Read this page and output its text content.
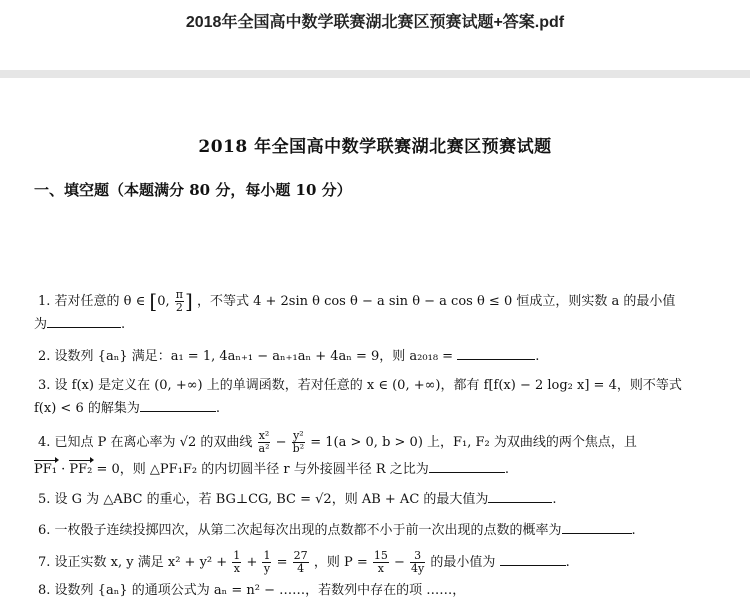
2018年全国高中数学联赛湖北赛区预赛试题+答案.pdf
2018 年全国高中数学联赛湖北赛区预赛试题
一、填空题（本题满分 80 分，每小题 10 分）
1. 若对任意的 θ ∈ [0, $\frac{\pi}{2}$ ] ，不等式 4 + 2sin θ cos θ − a sin θ − a cos θ ≤ 0 恒成立，则实数 a 的最小值
为	.
2. 设数列 {aₙ} 满足：a₁ = 1, 4aₙ₊₁ − aₙ₊₁aₙ + 4aₙ = 9，则 a₂₀₁₈ =	.
3. 设 f(x) 是定义在 (0, +∞) 上的单调函数，若对任意的 x ∈ (0, +∞)，都有 f[f(x) − 2 log₂ x] = 4，则不等式
f(x) < 6 的解集为	.
4. 已知点 P 在离心率为 √2 的双曲线 $\frac{\text{x²}}{\text{a²}} - \frac{\text{y²}}{\text{b²}} = 1(a > 0$, b > 0) 上，F₁, F₂ 为双曲线的两个焦点，且
PF₁ · PF₂ = 0，则 △PF₁F₂ 的内切圆半径 r 与外接圆半径 R 之比为	.
5. 设 G 为 △ABC 的重心，若 BG⊥CG, BC = √2，则 AB + AC 的最大值为	.
6. 一枚骰子连续投掷四次，从第二次起每次出现的点数都不小于前一次出现的点数的概率为	.
7. 设正实数 x, y 满足 $x^2 + y^2 + \frac{1}{x} + \frac{1}{y} = \frac{27}{4}$ ，则 $P = \frac{15}{x} - \frac{3}{4y}$ 的最小值为	.
8. 设数列 {aₙ} 的通项公式为 aₙ = n² − ……，若数列中存在的项 ……，
